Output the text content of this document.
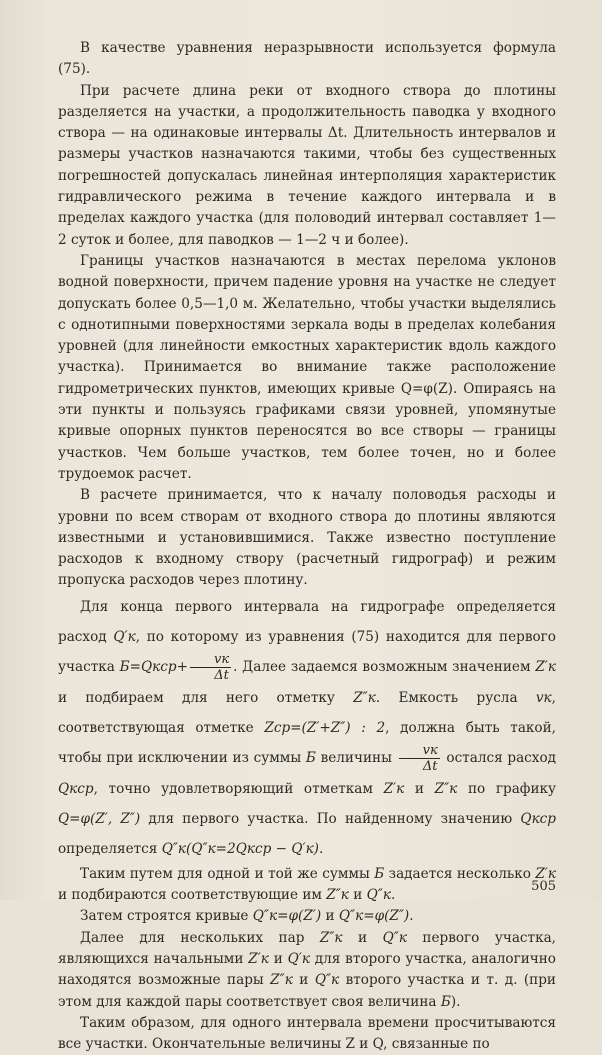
В качестве уравнения неразрывности используется формула (75).

При расчете длина реки от входного створа до плотины разделяется на участки, а продолжительность паводка у входного створа — на одинаковые интервалы Δt. Длительность интервалов и размеры участков назначаются такими, чтобы без существенных погрешностей допускалась линейная интерполяция характеристик гидравлического режима в течение каждого интервала и в пределах каждого участка (для половодий интервал составляет 1—2 суток и более, для паводков — 1—2 ч и более).

Границы участков назначаются в местах перелома уклонов водной поверхности, причем падение уровня на участке не следует допускать более 0,5—1,0 м. Желательно, чтобы участки выделялись с однотипными поверхностями зеркала воды в пределах колебания уровней (для линейности емкостных характеристик вдоль каждого участка). Принимается во внимание также расположение гидрометрических пунктов, имеющих кривые Q=φ(Z). Опираясь на эти пункты и пользуясь графиками связи уровней, упомянутые кривые опорных пунктов переносятся во все створы — границы участков. Чем больше участков, тем более точен, но и более трудоемок расчет.

В расчете принимается, что к началу половодья расходы и уровни по всем створам от входного створа до плотины являются известными и установившимися. Также известно поступление расходов к входному створу (расчетный гидрограф) и режим пропуска расходов через плотину.

Для конца первого интервала на гидрографе определяется расход Q′к, по которому из уравнения (75) находится для первого участка Б=Qкср+ $\frac{vк}{\Delta t}$ . Далее задаемся возможным значением Z′к и подбираем для него отметку Z″к. Емкость русла vк, соответствующая отметке Zср=(Z′+Z″) : 2, должна быть такой, чтобы при исключении из суммы Б величины $\frac{vк}{\Delta t}$ остался расход Qкср, точно удовлетворяющий отметкам Z′к и Z″к по графику Q=φ(Z′, Z″) для первого участка. По найденному значению Qкср определяется Q″к(Q″к=2Qкср − Q′к).

Таким путем для одной и той же суммы Б задается несколько Z′к и подбираются соответствующие им Z″к и Q″к.

Затем строятся кривые Q″к=φ(Z′) и Q″к=φ(Z″).

Далее для нескольких пар Z″к и Q″к первого участка, являющихся начальными Z′к и Q′к для второго участка, аналогично находятся возможные пары Z″к и Q″к второго участка и т. д. (при этом для каждой пары соответствует своя величина Б).

Таким образом, для одного интервала времени просчитываются все участки. Окончательные величины Z и Q, связанные по

505
